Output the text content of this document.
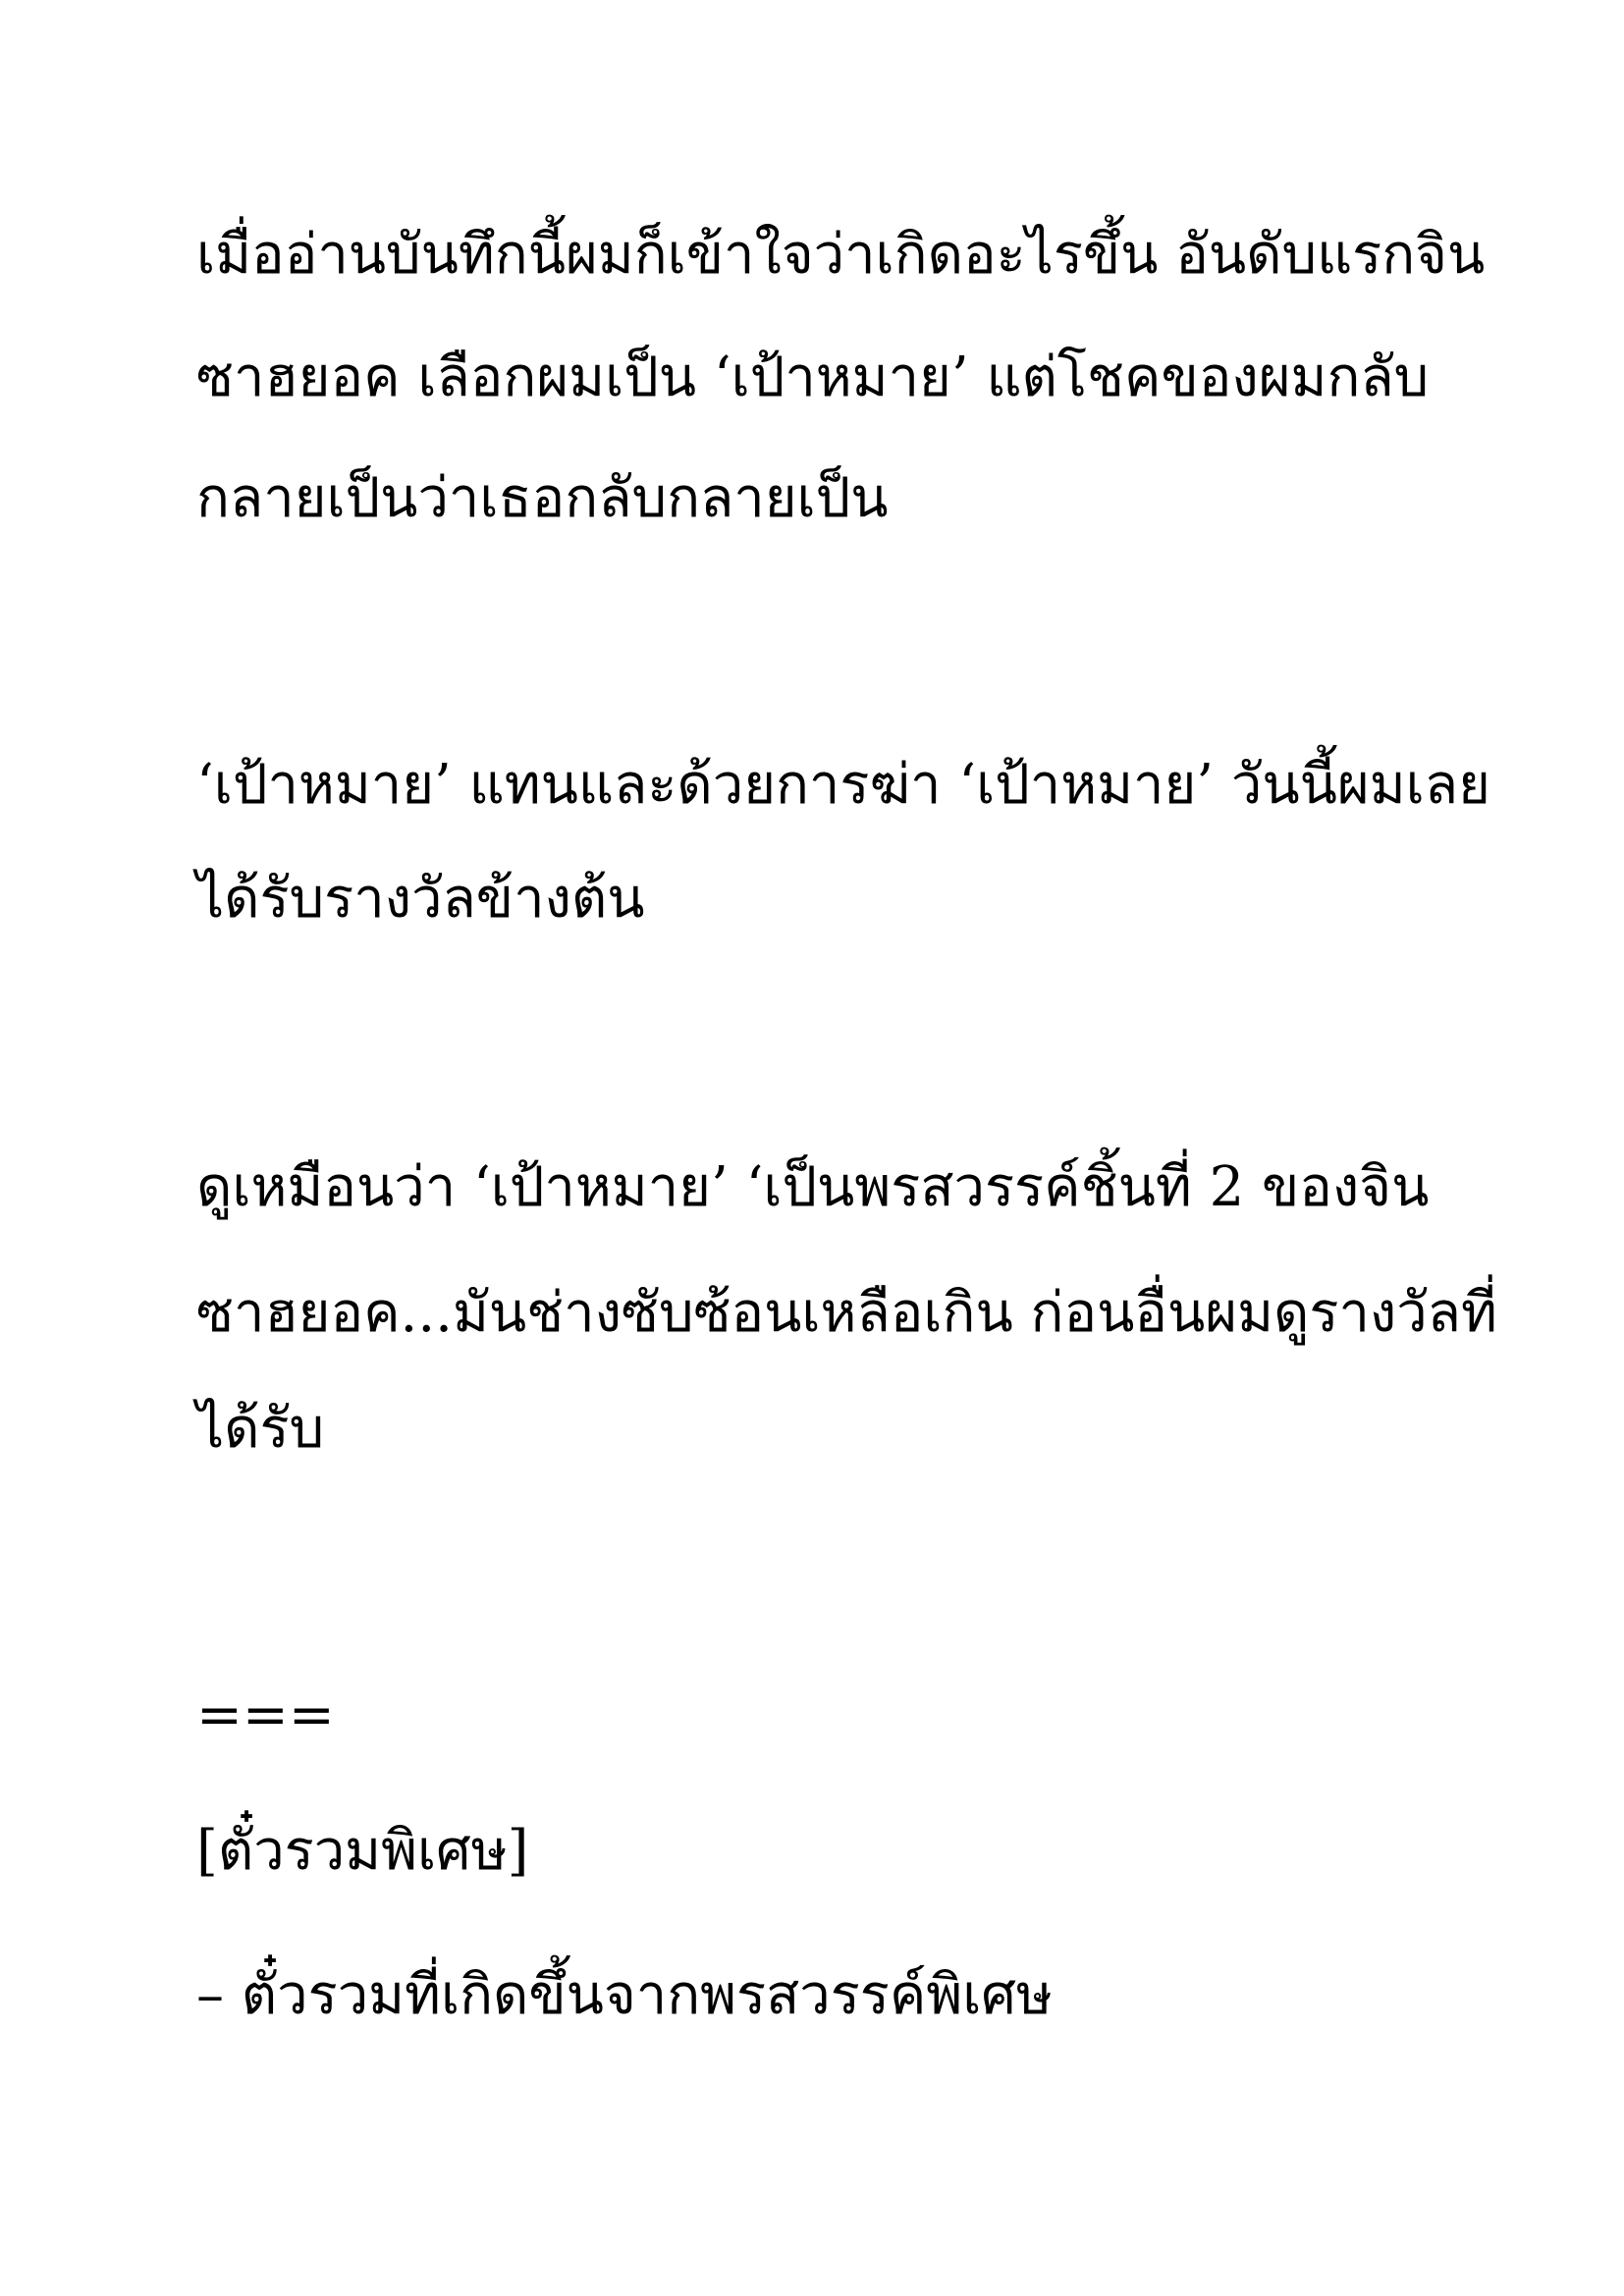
เมื่ออ่านบันทึกนี้ผมก็เข้าใจว่าเกิดอะไรขึ้น อันดับแรกจิน
ซาฮยอค เลือกผมเป็น ‘เป้าหมาย’ แต่โชคของผมกลับ
กลายเป็นว่าเธอกลับกลายเป็น
‘เป้าหมาย’ แทนและด้วยการฆ่า ‘เป้าหมาย’ วันนี้ผมเลย
ได้รับรางวัลข้างต้น
ดูเหมือนว่า ‘เป้าหมาย’ ‘เป็นพรสวรรค์ชิ้นที่ 2 ของจิน
ซาฮยอค...มันช่างซับซ้อนเหลือเกิน ก่อนอื่นผมดูรางวัลที่
ได้รับ
===
[ตั๋วรวมพิเศษ]
– ตั๋วรวมที่เกิดขึ้นจากพรสวรรค์พิเศษ
